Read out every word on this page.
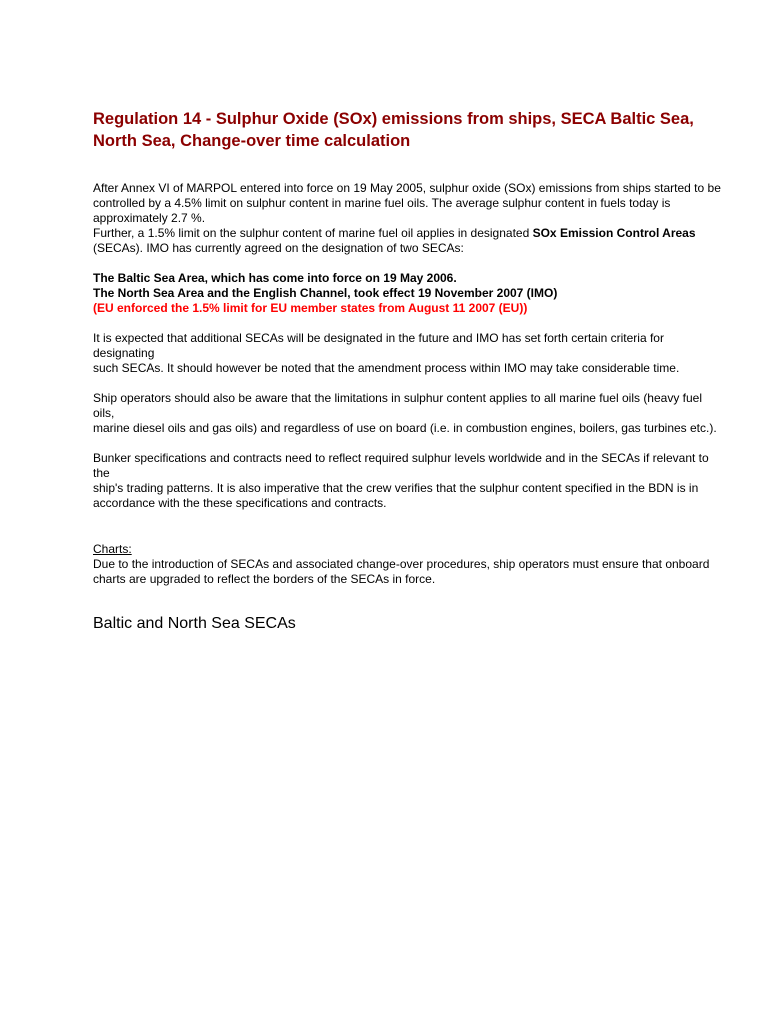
Regulation 14 - Sulphur Oxide (SOx) emissions from ships, SECA Baltic Sea,
North Sea, Change-over time calculation
After Annex VI of MARPOL entered into force on 19 May 2005, sulphur oxide (SOx) emissions from ships started to be
controlled by a 4.5% limit on sulphur content in marine fuel oils. The average sulphur content in fuels today is
approximately 2.7 %.
Further, a 1.5% limit on the sulphur content of marine fuel oil applies in designated SOx Emission Control Areas
(SECAs). IMO has currently agreed on the designation of two SECAs:
The Baltic Sea Area, which has come into force on 19 May 2006.
The North Sea Area and the English Channel, took effect 19 November 2007 (IMO)
(EU enforced the 1.5% limit for EU member states from August 11 2007 (EU))
It is expected that additional SECAs will be designated in the future and IMO has set forth certain criteria for
designating
such SECAs. It should however be noted that the amendment process within IMO may take considerable time.
Ship operators should also be aware that the limitations in sulphur content applies to all marine fuel oils (heavy fuel
oils,
marine diesel oils and gas oils) and regardless of use on board (i.e. in combustion engines, boilers, gas turbines etc.).
Bunker specifications and contracts need to reflect required sulphur levels worldwide and in the SECAs if relevant to
the
ship's trading patterns. It is also imperative that the crew verifies that the sulphur content specified in the BDN is in
accordance with the these specifications and contracts.
Charts:
Due to the introduction of SECAs and associated change-over procedures, ship operators must ensure that onboard
charts are upgraded to reflect the borders of the SECAs in force.
Baltic and North Sea SECAs
